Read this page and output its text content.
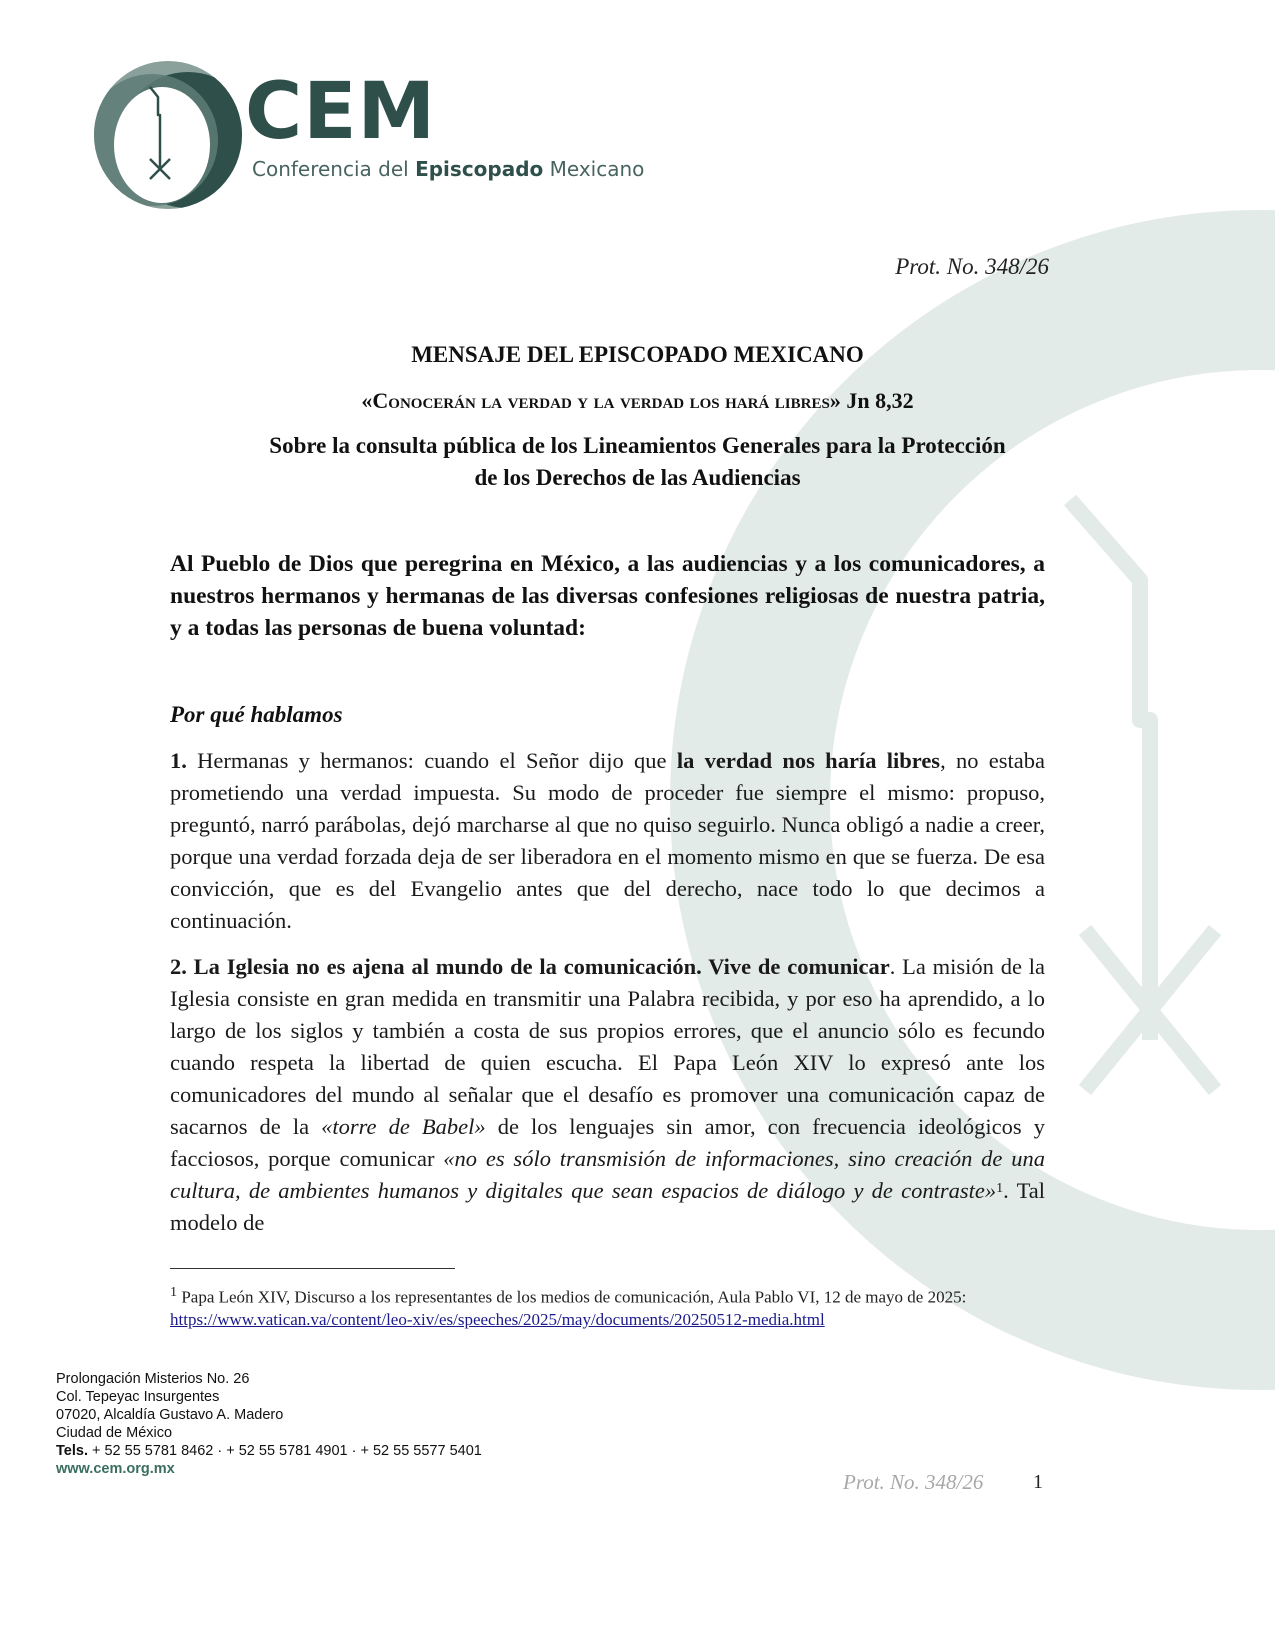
CEM
Conferencia del Episcopado Mexicano
Prot. No. 348/26
MENSAJE DEL EPISCOPADO MEXICANO
«Conocerán la verdad y la verdad los hará libres» Jn 8,32
Sobre la consulta pública de los Lineamientos Generales para la Protección
de los Derechos de las Audiencias
Al Pueblo de Dios que peregrina en México, a las audiencias y a los comunicadores, a nuestros hermanos y hermanas de las diversas confesiones religiosas de nuestra patria, y a todas las personas de buena voluntad:
Por qué hablamos
1. Hermanas y hermanos: cuando el Señor dijo que la verdad nos haría libres, no estaba prometiendo una verdad impuesta. Su modo de proceder fue siempre el mismo: propuso, preguntó, narró parábolas, dejó marcharse al que no quiso seguirlo. Nunca obligó a nadie a creer, porque una verdad forzada deja de ser liberadora en el momento mismo en que se fuerza. De esa convicción, que es del Evangelio antes que del derecho, nace todo lo que decimos a continuación.
2. La Iglesia no es ajena al mundo de la comunicación. Vive de comunicar. La misión de la Iglesia consiste en gran medida en transmitir una Palabra recibida, y por eso ha aprendido, a lo largo de los siglos y también a costa de sus propios errores, que el anuncio sólo es fecundo cuando respeta la libertad de quien escucha. El Papa León XIV lo expresó ante los comunicadores del mundo al señalar que el desafío es promover una comunicación capaz de sacarnos de la «torre de Babel» de los lenguajes sin amor, con frecuencia ideológicos y facciosos, porque comunicar «no es sólo transmisión de informaciones, sino creación de una cultura, de ambientes humanos y digitales que sean espacios de diálogo y de contraste»$^1$. Tal modelo de
$^1$ Papa León XIV, Discurso a los representantes de los medios de comunicación, Aula Pablo VI, 12 de mayo de 2025: https://www.vatican.va/content/leo-xiv/es/speeches/2025/may/documents/20250512-media.html
Prolongación Misterios No. 26
Col. Tepeyac Insurgentes
07020, Alcaldía Gustavo A. Madero
Ciudad de México
Tels. + 52 55 5781 8462 · + 52 55 5781 4901 · + 52 55 5577 5401
www.cem.org.mx
Prot. No. 348/26 1
